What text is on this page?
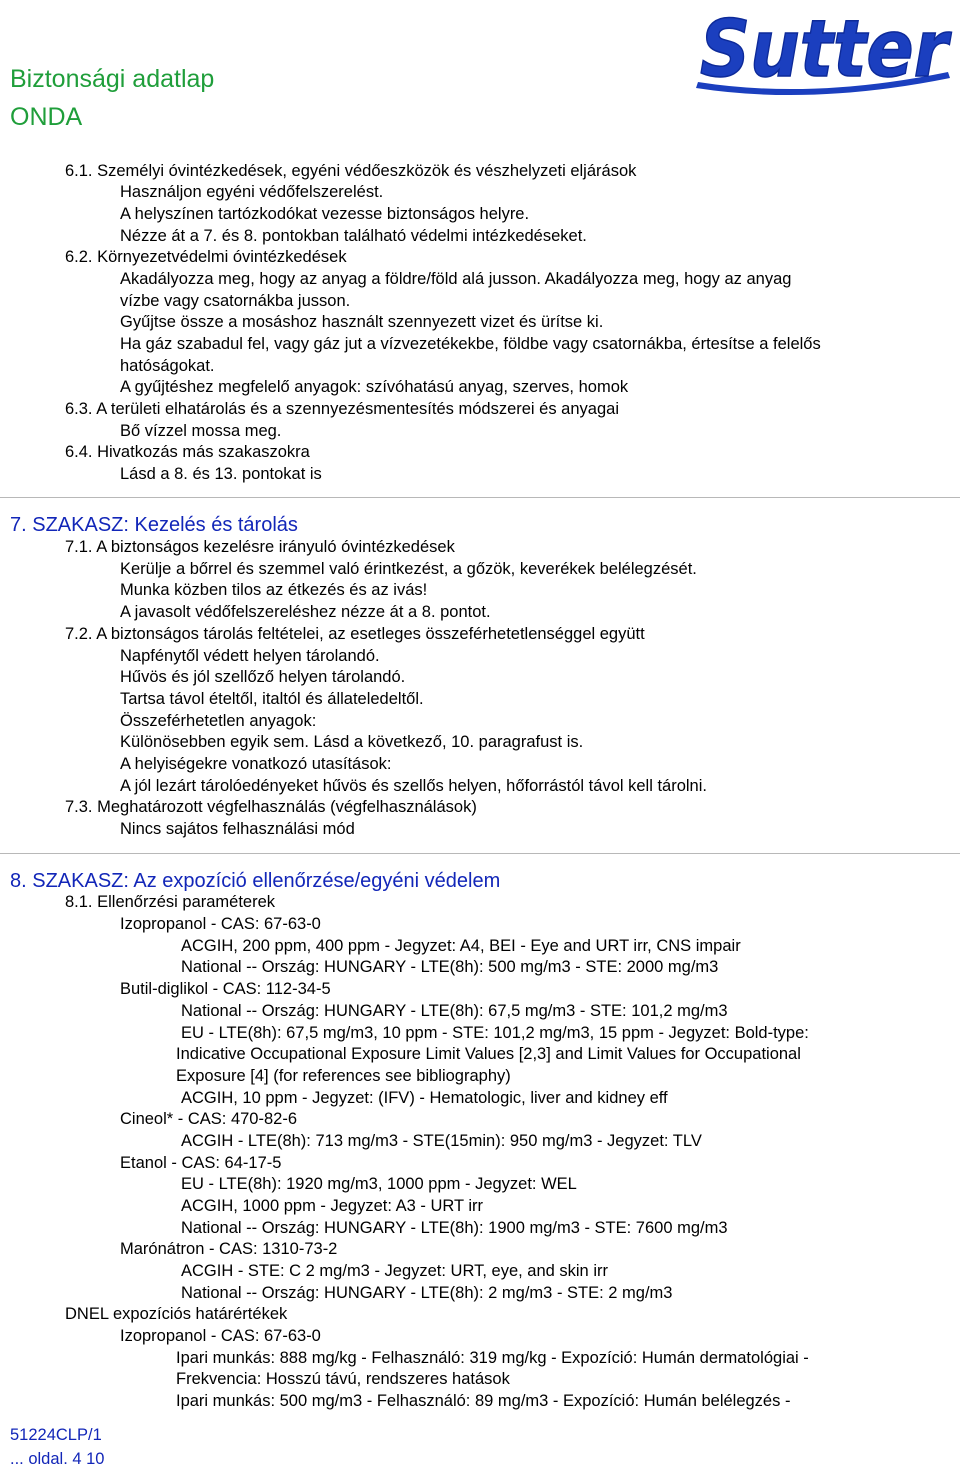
Biztonsági adatlap
ONDA
Sutter
6.1. Személyi óvintézkedések, egyéni védőeszközök és vészhelyzeti eljárások
Használjon egyéni védőfelszerelést.
A helyszínen tartózkodókat vezesse biztonságos helyre.
Nézze át a 7. és 8. pontokban található védelmi intézkedéseket.
6.2. Környezetvédelmi óvintézkedések
Akadályozza meg, hogy az anyag a földre/föld alá jusson. Akadályozza meg, hogy az anyag
vízbe vagy csatornákba jusson.
Gyűjtse össze a mosáshoz használt szennyezett vizet és ürítse ki.
Ha gáz szabadul fel, vagy gáz jut a vízvezetékekbe, földbe vagy csatornákba, értesítse a felelős
hatóságokat.
A gyűjtéshez megfelelő anyagok: szívóhatású anyag, szerves, homok
6.3. A területi elhatárolás és a szennyezésmentesítés módszerei és anyagai
Bő vízzel mossa meg.
6.4. Hivatkozás más szakaszokra
Lásd a 8. és 13. pontokat is
7. SZAKASZ: Kezelés és tárolás
7.1. A biztonságos kezelésre irányuló óvintézkedések
Kerülje a bőrrel és szemmel való érintkezést, a gőzök, keverékek belélegzését.
Munka közben tilos az étkezés és az ivás!
A javasolt védőfelszereléshez nézze át a 8. pontot.
7.2. A biztonságos tárolás feltételei, az esetleges összeférhetetlenséggel együtt
Napfénytől védett helyen tárolandó.
Hűvös és jól szellőző helyen tárolandó.
Tartsa távol ételtől, italtól és állateledeltől.
Összeférhetetlen anyagok:
Különösebben egyik sem. Lásd a következő, 10. paragrafust is.
A helyiségekre vonatkozó utasítások:
A jól lezárt tárolóedényeket hűvös és szellős helyen, hőforrástól távol kell tárolni.
7.3. Meghatározott végfelhasználás (végfelhasználások)
Nincs sajátos felhasználási mód
8. SZAKASZ: Az expozíció ellenőrzése/egyéni védelem
8.1. Ellenőrzési paraméterek
Izopropanol - CAS: 67-63-0
ACGIH, 200 ppm, 400 ppm - Jegyzet: A4, BEI - Eye and URT irr, CNS impair
National -- Ország: HUNGARY - LTE(8h): 500 mg/m3 - STE: 2000 mg/m3
Butil-diglikol - CAS: 112-34-5
National -- Ország: HUNGARY - LTE(8h): 67,5 mg/m3 - STE: 101,2 mg/m3
EU - LTE(8h): 67,5 mg/m3, 10 ppm - STE: 101,2 mg/m3, 15 ppm - Jegyzet: Bold-type:
Indicative Occupational Exposure Limit Values [2,3] and Limit Values for Occupational
Exposure [4] (for references see bibliography)
ACGIH, 10 ppm - Jegyzet: (IFV) - Hematologic, liver and kidney eff
Cineol* - CAS: 470-82-6
ACGIH - LTE(8h): 713 mg/m3 - STE(15min): 950 mg/m3 - Jegyzet: TLV
Etanol - CAS: 64-17-5
EU - LTE(8h): 1920 mg/m3, 1000 ppm - Jegyzet: WEL
ACGIH, 1000 ppm - Jegyzet: A3 - URT irr
National -- Ország: HUNGARY - LTE(8h): 1900 mg/m3 - STE: 7600 mg/m3
Marónátron - CAS: 1310-73-2
ACGIH - STE: C 2 mg/m3 - Jegyzet: URT, eye, and skin irr
National -- Ország: HUNGARY - LTE(8h): 2 mg/m3 - STE: 2 mg/m3
DNEL expozíciós határértékek
Izopropanol - CAS: 67-63-0
Ipari munkás: 888 mg/kg - Felhasználó: 319 mg/kg - Expozíció: Humán dermatológiai -
Frekvencia: Hosszú távú, rendszeres hatások
Ipari munkás: 500 mg/m3 - Felhasználó: 89 mg/m3 - Expozíció: Humán belélegzés -
51224CLP/1
... oldal. 4 10
